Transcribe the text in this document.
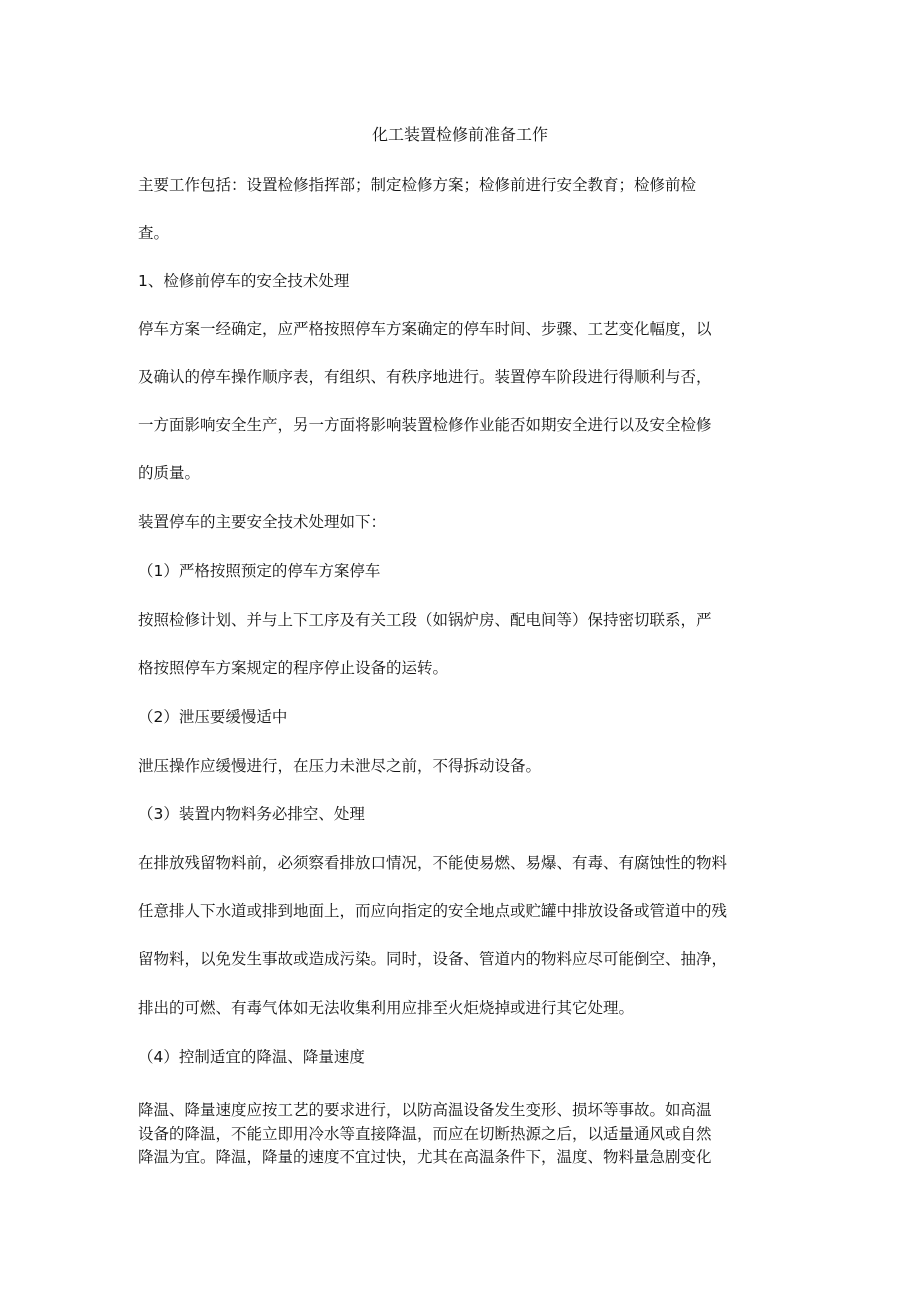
化工装置检修前准备工作
主要工作包括：设置检修指挥部；制定检修方案；检修前进行安全教育；检修前检
查。
1、检修前停车的安全技术处理
停车方案一经确定，应严格按照停车方案确定的停车时间、步骤、工艺变化幅度，以
及确认的停车操作顺序表，有组织、有秩序地进行。装置停车阶段进行得顺利与否，
一方面影响安全生产，另一方面将影响装置检修作业能否如期安全进行以及安全检修
的质量。
装置停车的主要安全技术处理如下：
（1）严格按照预定的停车方案停车
按照检修计划、并与上下工序及有关工段（如锅炉房、配电间等）保持密切联系，严
格按照停车方案规定的程序停止设备的运转。
（2）泄压要缓慢适中
泄压操作应缓慢进行，在压力未泄尽之前，不得拆动设备。
（3）装置内物料务必排空、处理
在排放残留物料前，必须察看排放口情况，不能使易燃、易爆、有毒、有腐蚀性的物料
任意排人下水道或排到地面上，而应向指定的安全地点或贮罐中排放设备或管道中的残
留物料，以免发生事故或造成污染。同时，设备、管道内的物料应尽可能倒空、抽净，
排出的可燃、有毒气体如无法收集利用应排至火炬烧掉或进行其它处理。
（4）控制适宜的降温、降量速度
降温、降量速度应按工艺的要求进行，以防高温设备发生变形、损坏等事故。如高温
设备的降温，不能立即用冷水等直接降温，而应在切断热源之后，以适量通风或自然
降温为宜。降温，降量的速度不宜过快，尤其在高温条件下，温度、物料量急剧变化
